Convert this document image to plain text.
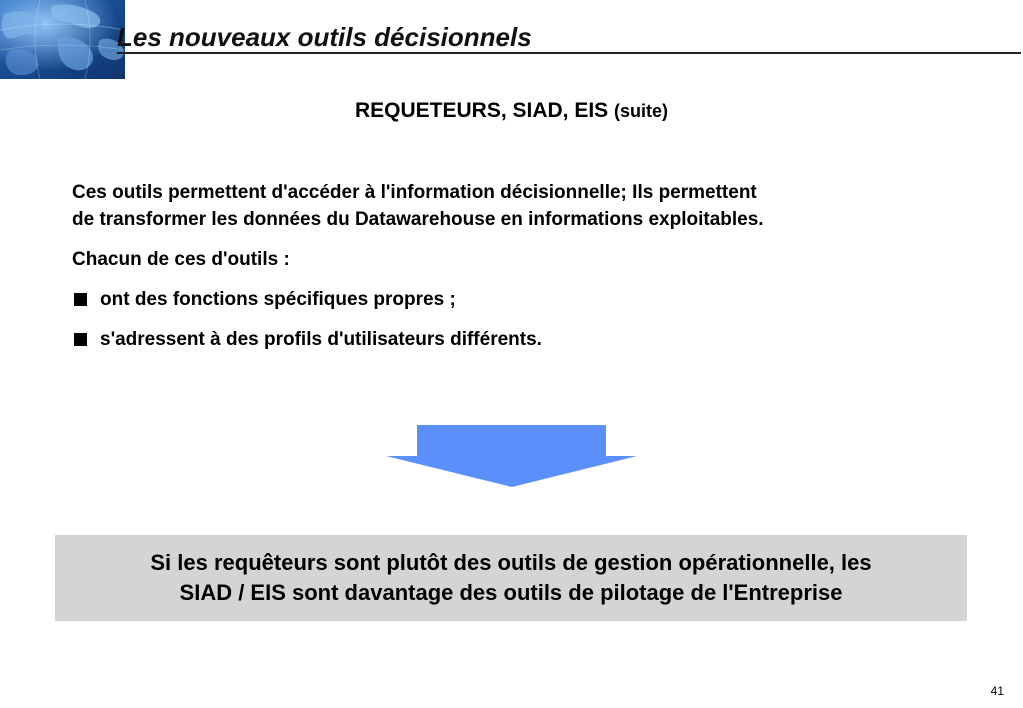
Les nouveaux outils décisionnels
REQUETEURS, SIAD, EIS (suite)

Ces outils permettent d'accéder à l'information décisionnelle; Ils permettent
de transformer les données du Datawarehouse en informations exploitables.

Chacun de ces d'outils :

ont des fonctions spécifiques propres ;
s'adressent à des profils d'utilisateurs différents.
Si les requêteurs sont plutôt des outils de gestion opérationnelle, les
SIAD / EIS sont davantage des outils de pilotage de l'Entreprise
41
